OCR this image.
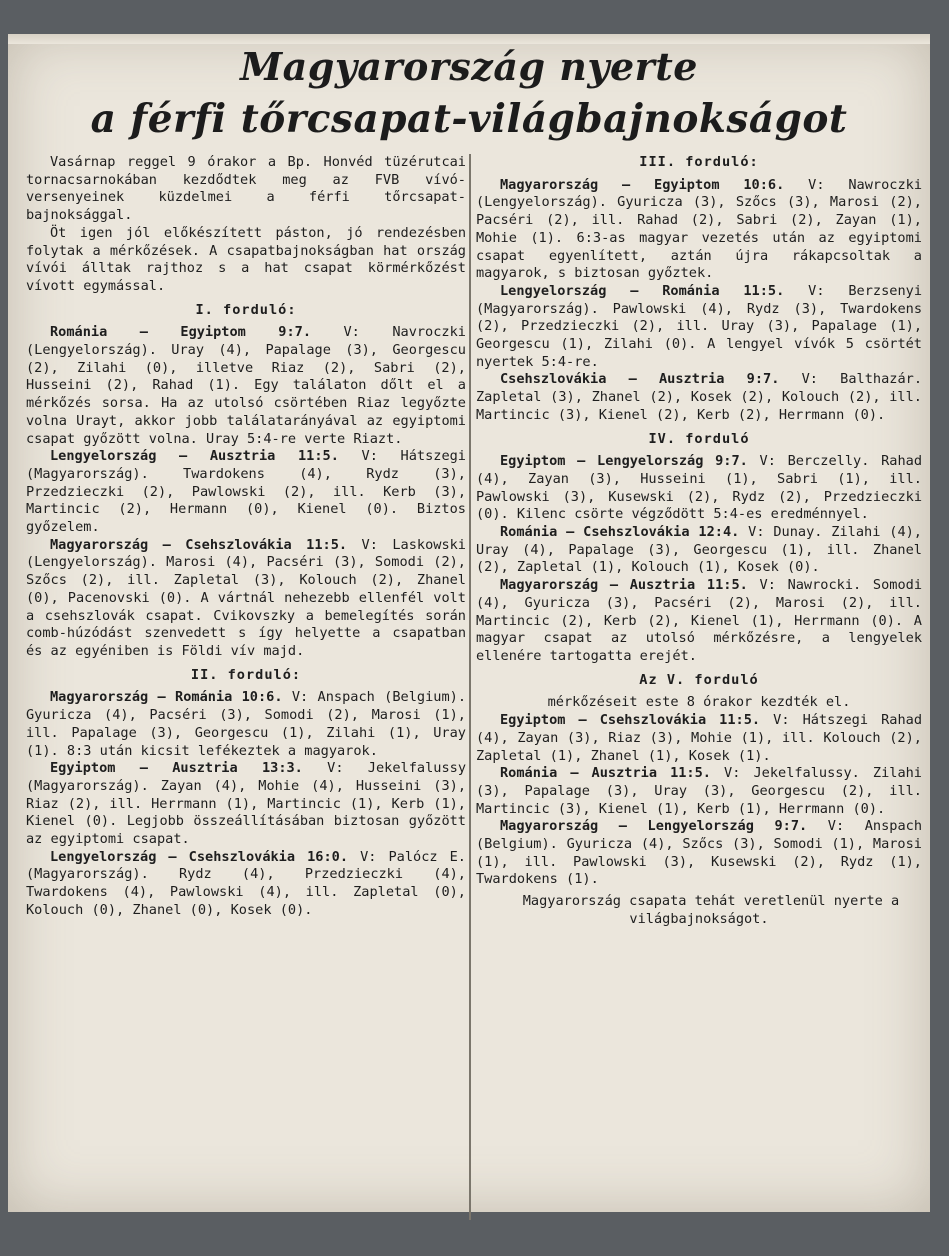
Magyarország nyerte
a férfi tőrcsapat-világbajnokságot

Vasárnap reggel 9 órakor a Bp. Honvéd tüzérutcai tornacsarnokában kezdődtek meg az FVB vívó-versenyeinek küzdelmei a férfi tőrcsapat-bajnoksággal.

Öt igen jól előkészített páston, jó rendezésben folytak a mérkőzések. A csapatbajnokságban hat ország vívói álltak rajthoz s a hat csapat körmérkőzést vívott egymással.

I. forduló:

Románia — Egyiptom 9:7. V: Navroczki (Lengyelország). Uray (4), Papalage (3), Georgescu (2), Zilahi (0), illetve Riaz (2), Sabri (2), Husseini (2), Rahad (1). Egy találaton dőlt el a mérkőzés sorsa. Ha az utolsó csörtében Riaz legyőzte volna Urayt, akkor jobb találatarányával az egyiptomi csapat győzött volna. Uray 5:4-re verte Riazt.

Lengyelország — Ausztria 11:5. V: Hátszegi (Magyarország). Twardokens (4), Rydz (3), Przedzieczki (2), Pawlowski (2), ill. Kerb (3), Martincic (2), Hermann (0), Kienel (0). Biztos győzelem.

Magyarország — Csehszlovákia 11:5. V: Laskowski (Lengyelország). Marosi (4), Pacséri (3), Somodi (2), Szőcs (2), ill. Zapletal (3), Kolouch (2), Zhanel (0), Pacenovski (0). A vártnál nehezebb ellenfél volt a csehszlovák csapat. Cvikovszky a bemelegítés során comb-húzódást szenvedett s így helyette a csapatban és az egyéniben is Földi vív majd.

II. forduló:

Magyarország — Románia 10:6. V: Anspach (Belgium). Gyuricza (4), Pacséri (3), Somodi (2), Marosi (1), ill. Papalage (3), Georgescu (1), Zilahi (1), Uray (1). 8:3 után kicsit lefékeztek a magyarok.

Egyiptom — Ausztria 13:3. V: Jekelfalussy (Magyarország). Zayan (4), Mohie (4), Husseini (3), Riaz (2), ill. Herrmann (1), Martincic (1), Kerb (1), Kienel (0). Legjobb összeállításában biztosan győzött az egyiptomi csapat.

Lengyelország — Csehszlovákia 16:0. V: Palócz E. (Magyarország). Rydz (4), Przedzieczki (4), Twardokens (4), Pawlowski (4), ill. Zapletal (0), Kolouch (0), Zhanel (0), Kosek (0).

III. forduló:

Magyarország — Egyiptom 10:6. V: Nawroczki (Lengyelország). Gyuricza (3), Szőcs (3), Marosi (2), Pacséri (2), ill. Rahad (2), Sabri (2), Zayan (1), Mohie (1). 6:3-as magyar vezetés után az egyiptomi csapat egyenlített, aztán újra rákapcsoltak a magyarok, s biztosan győztek.

Lengyelország — Románia 11:5. V: Berzsenyi (Magyarország). Pawlowski (4), Rydz (3), Twardokens (2), Przedzieczki (2), ill. Uray (3), Papalage (1), Georgescu (1), Zilahi (0). A lengyel vívók 5 csörtét nyertek 5:4-re.

Csehszlovákia — Ausztria 9:7. V: Balthazár. Zapletal (3), Zhanel (2), Kosek (2), Kolouch (2), ill. Martincic (3), Kienel (2), Kerb (2), Herrmann (0).

IV. forduló

Egyiptom — Lengyelország 9:7. V: Berczelly. Rahad (4), Zayan (3), Husseini (1), Sabri (1), ill. Pawlowski (3), Kusewski (2), Rydz (2), Przedzieczki (0). Kilenc csörte végződött 5:4-es eredménnyel.

Románia — Csehszlovákia 12:4. V: Dunay. Zilahi (4), Uray (4), Papalage (3), Georgescu (1), ill. Zhanel (2), Zapletal (1), Kolouch (1), Kosek (0).

Magyarország — Ausztria 11:5. V: Nawrocki. Somodi (4), Gyuricza (3), Pacséri (2), Marosi (2), ill. Martincic (2), Kerb (2), Kienel (1), Herrmann (0). A magyar csapat az utolsó mérkőzésre, a lengyelek ellenére tartogatta erejét.

Az V. forduló

mérkőzéseit este 8 órakor kezdték el.

Egyiptom — Csehszlovákia 11:5. V: Hátszegi Rahad (4), Zayan (3), Riaz (3), Mohie (1), ill. Kolouch (2), Zapletal (1), Zhanel (1), Kosek (1).

Románia — Ausztria 11:5. V: Jekelfalussy. Zilahi (3), Papalage (3), Uray (3), Georgescu (2), ill. Martincic (3), Kienel (1), Kerb (1), Herrmann (0).

Magyarország — Lengyelország 9:7. V: Anspach (Belgium). Gyuricza (4), Szőcs (3), Somodi (1), Marosi (1), ill. Pawlowski (3), Kusewski (2), Rydz (1), Twardokens (1).

Magyarország csapata tehát veretlenül nyerte a világbajnokságot.
